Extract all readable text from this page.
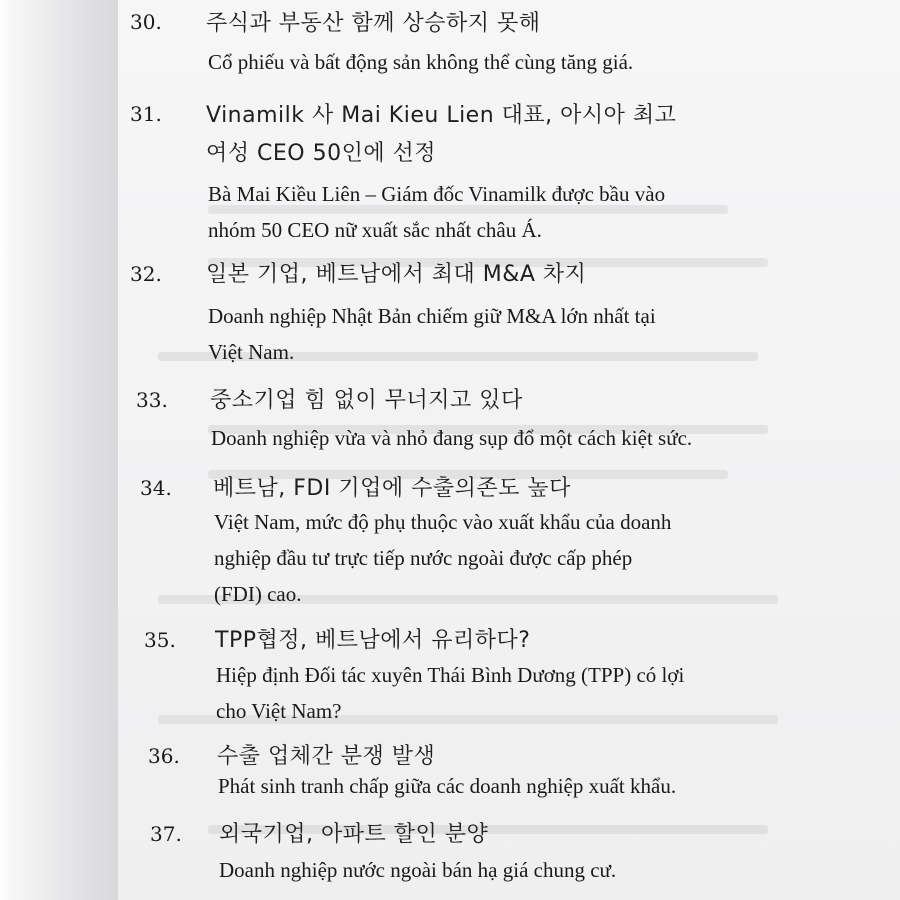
30. 주식과 부동산 함께 상승하지 못해
Cổ phiếu và bất động sản không thể cùng tăng giá.
31. Vinamilk 사 Mai Kieu Lien 대표, 아시아 최고
여성 CEO 50인에 선정
Bà Mai Kiều Liên – Giám đốc Vinamilk được bầu vào
nhóm 50 CEO nữ xuất sắc nhất châu Á.
32. 일본 기업, 베트남에서 최대 M&A 차지
Doanh nghiệp Nhật Bản chiếm giữ M&A lớn nhất tại
Việt Nam.
33. 중소기업 힘 없이 무너지고 있다
Doanh nghiệp vừa và nhỏ đang sụp đổ một cách kiệt sức.
34. 베트남, FDI 기업에 수출의존도 높다
Việt Nam, mức độ phụ thuộc vào xuất khẩu của doanh
nghiệp đầu tư trực tiếp nước ngoài được cấp phép
(FDI) cao.
35. TPP협정, 베트남에서 유리하다?
Hiệp định Đối tác xuyên Thái Bình Dương (TPP) có lợi
cho Việt Nam?
36. 수출 업체간 분쟁 발생
Phát sinh tranh chấp giữa các doanh nghiệp xuất khẩu.
37. 외국기업, 아파트 할인 분양
Doanh nghiệp nước ngoài bán hạ giá chung cư.
